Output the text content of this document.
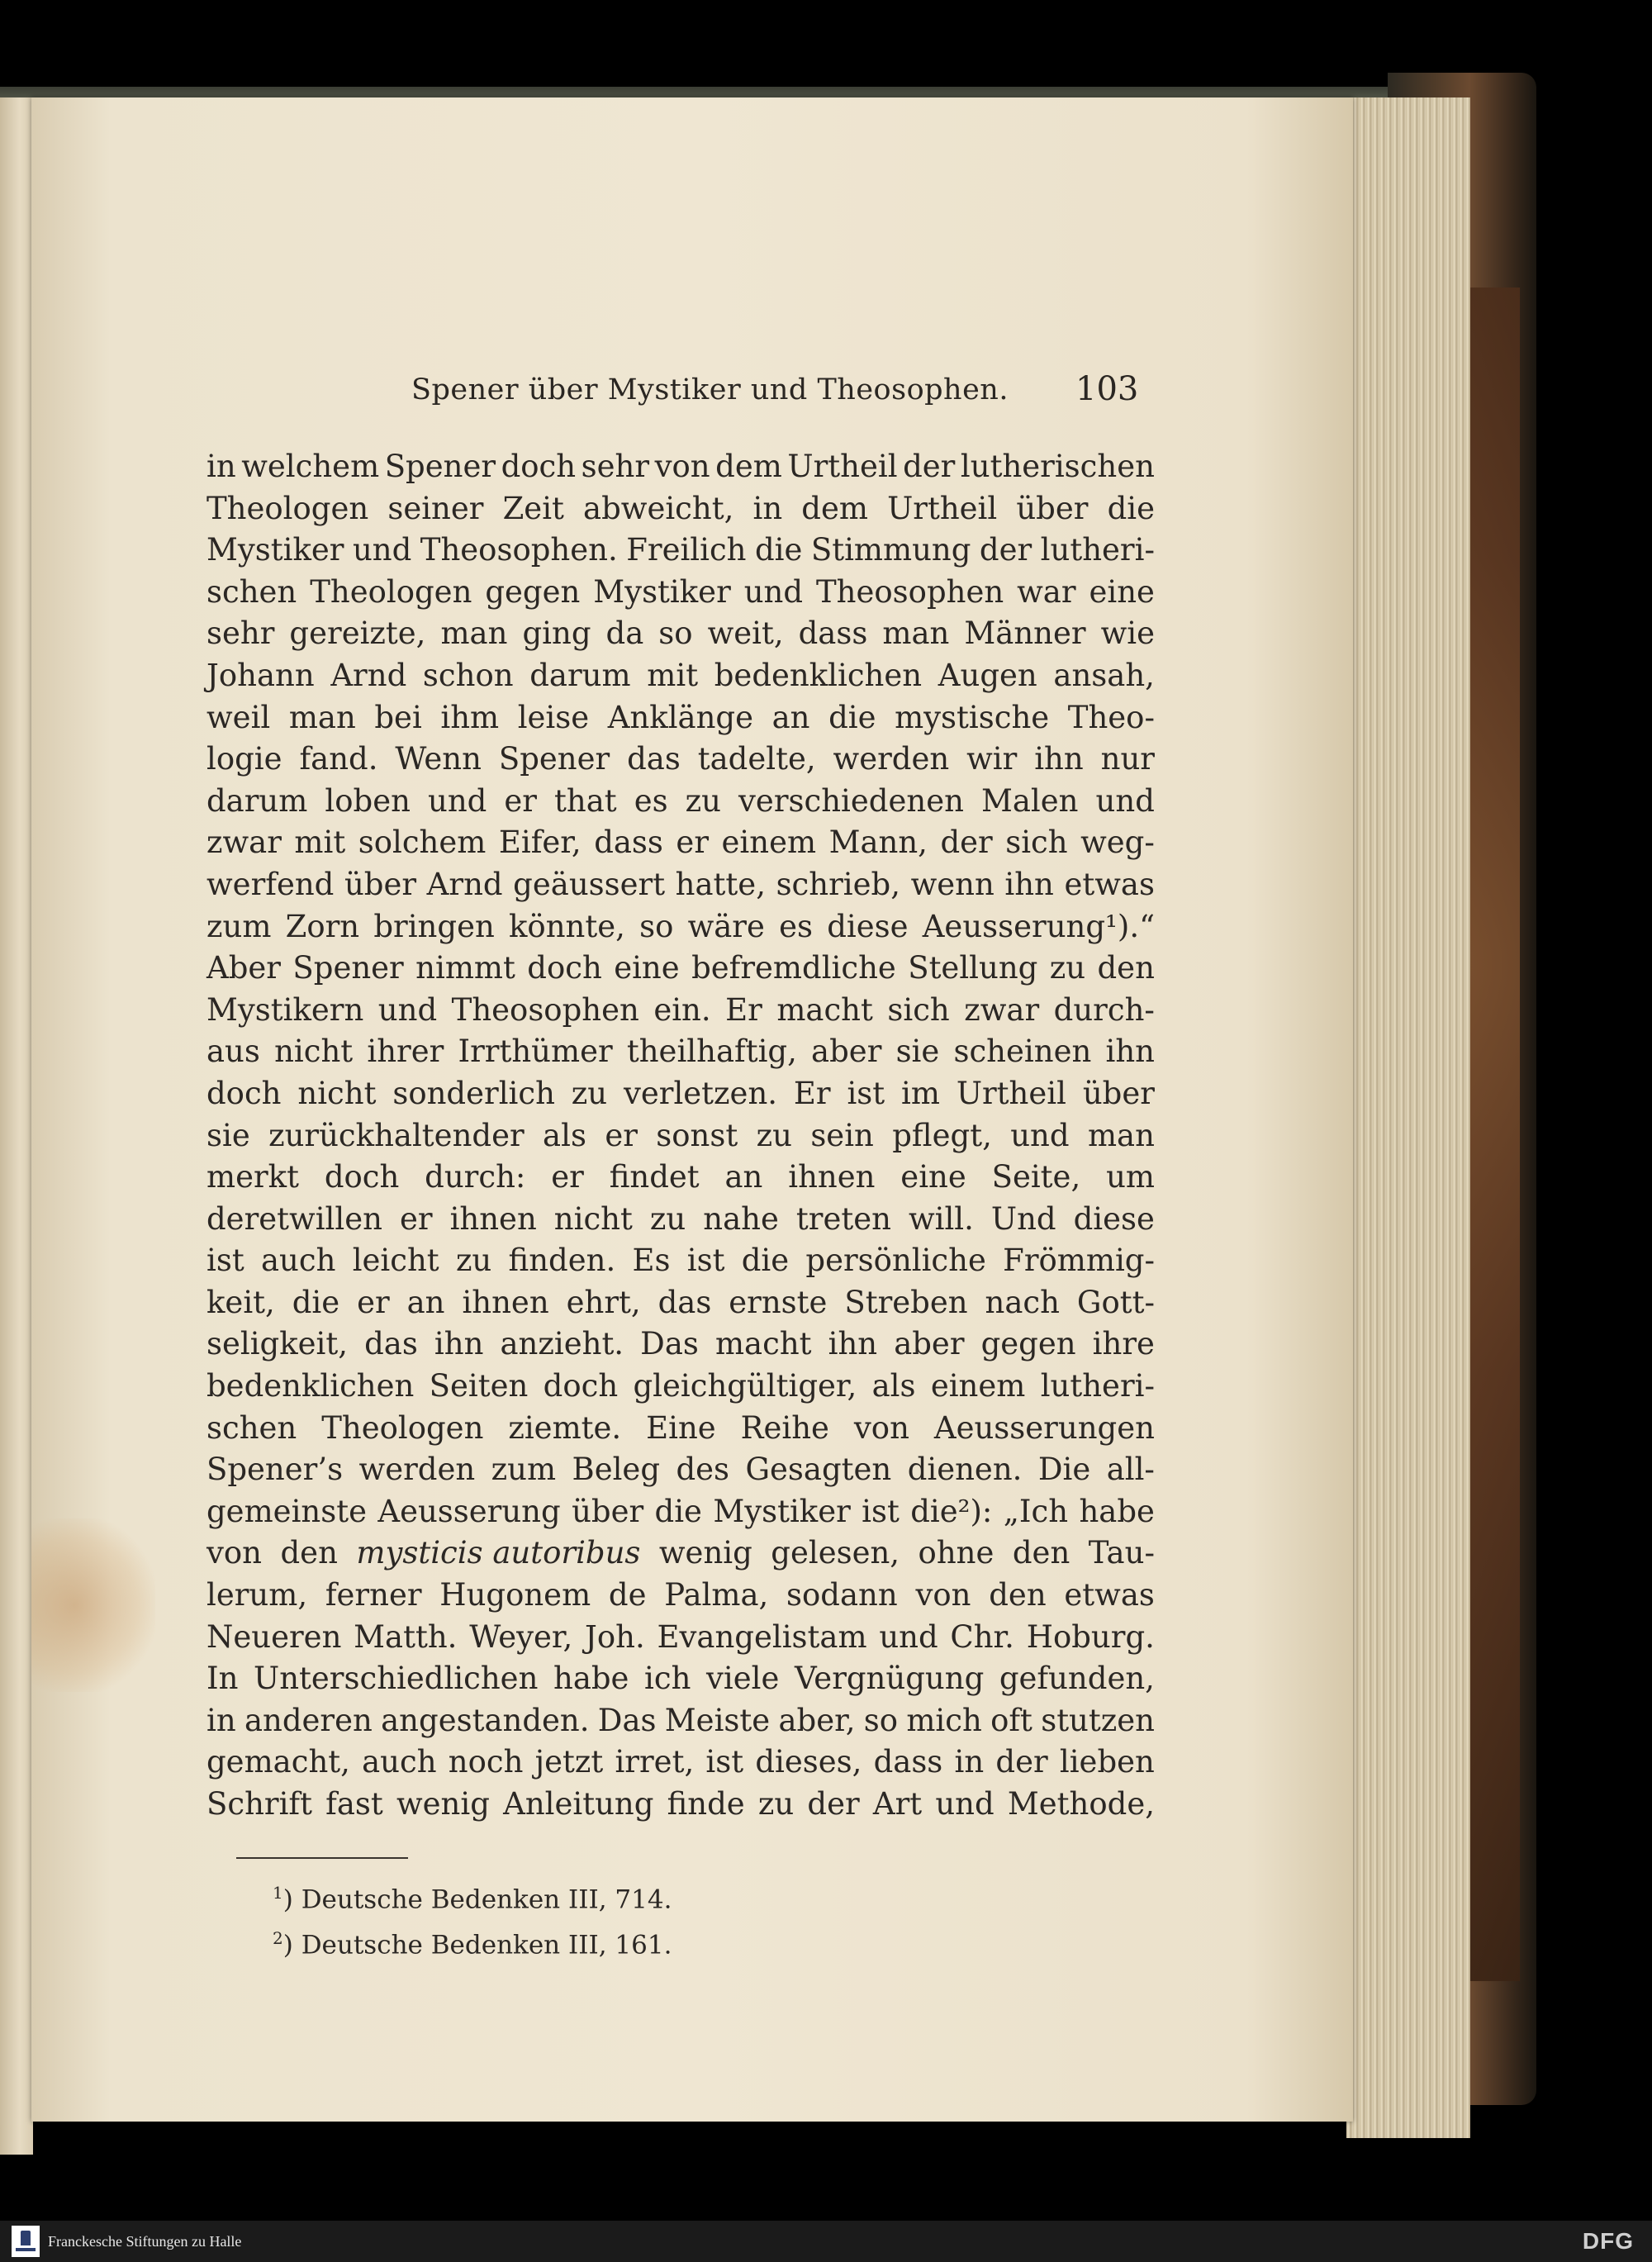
Spener über Mystiker und Theosophen. 103
in welchem Spener doch sehr von dem Urtheil der lutherischen
Theologen seiner Zeit abweicht, in dem Urtheil über die
Mystiker und Theosophen. Freilich die Stimmung der lutheri-
schen Theologen gegen Mystiker und Theosophen war eine
sehr gereizte, man ging da so weit, dass man Männer wie
Johann Arnd schon darum mit bedenklichen Augen ansah,
weil man bei ihm leise Anklänge an die mystische Theo-
logie fand. Wenn Spener das tadelte, werden wir ihn nur
darum loben und er that es zu verschiedenen Malen und
zwar mit solchem Eifer, dass er einem Mann, der sich weg-
werfend über Arnd geäussert hatte, schrieb, wenn ihn etwas
zum Zorn bringen könnte, so wäre es diese Aeusserung¹).“
Aber Spener nimmt doch eine befremdliche Stellung zu den
Mystikern und Theosophen ein. Er macht sich zwar durch-
aus nicht ihrer Irrthümer theilhaftig, aber sie scheinen ihn
doch nicht sonderlich zu verletzen. Er ist im Urtheil über
sie zurückhaltender als er sonst zu sein pflegt, und man
merkt doch durch: er findet an ihnen eine Seite, um
deretwillen er ihnen nicht zu nahe treten will. Und diese
ist auch leicht zu finden. Es ist die persönliche Frömmig-
keit, die er an ihnen ehrt, das ernste Streben nach Gott-
seligkeit, das ihn anzieht. Das macht ihn aber gegen ihre
bedenklichen Seiten doch gleichgültiger, als einem lutheri-
schen Theologen ziemte. Eine Reihe von Aeusserungen
Spener’s werden zum Beleg des Gesagten dienen. Die all-
gemeinste Aeusserung über die Mystiker ist die²): „Ich habe
von den mysticis autoribus wenig gelesen, ohne den Tau-
lerum, ferner Hugonem de Palma, sodann von den etwas
Neueren Matth. Weyer, Joh. Evangelistam und Chr. Hoburg.
In Unterschiedlichen habe ich viele Vergnügung gefunden,
in anderen angestanden. Das Meiste aber, so mich oft stutzen
gemacht, auch noch jetzt irret, ist dieses, dass in der lieben
Schrift fast wenig Anleitung finde zu der Art und Methode,
$^1$) Deutsche Bedenken III, 714.
$^2$) Deutsche Bedenken III, 161.
Franckesche Stiftungen zu Halle	DFG
